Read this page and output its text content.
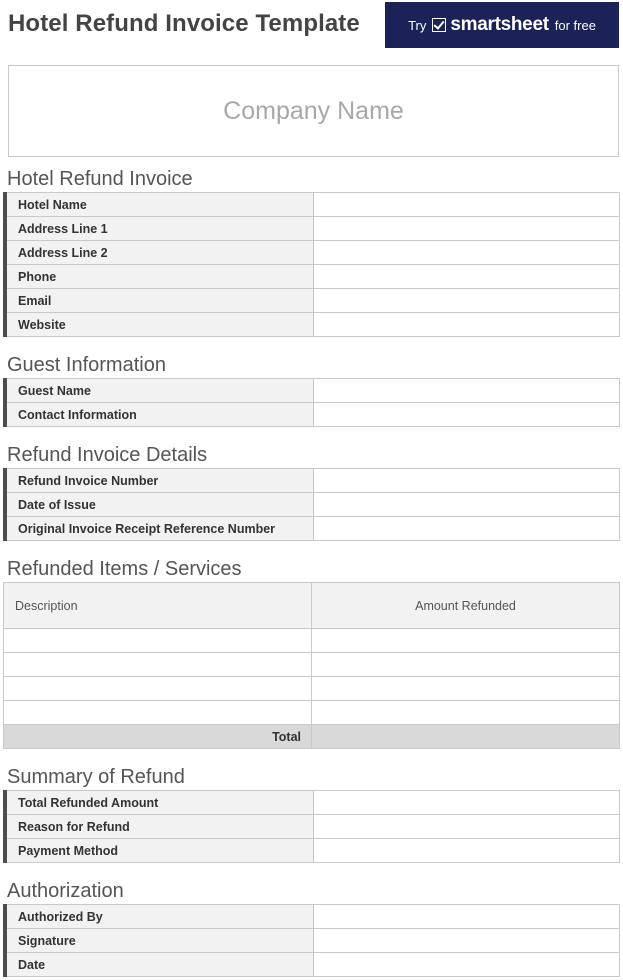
Hotel Refund Invoice Template	Try smartsheet for free
Company Name
Hotel Refund Invoice
Hotel Name	
Address Line 1	
Address Line 2	
Phone	
Email	
Website	
Guest Information
Guest Name	
Contact Information	
Refund Invoice Details
Refund Invoice Number	
Date of Issue	
Original Invoice Receipt Reference Number	
Refunded Items / Services
Description	Amount Refunded

Total	
Summary of Refund
Total Refunded Amount	
Reason for Refund	
Payment Method	
Authorization
Authorized By	
Signature	
Date	
